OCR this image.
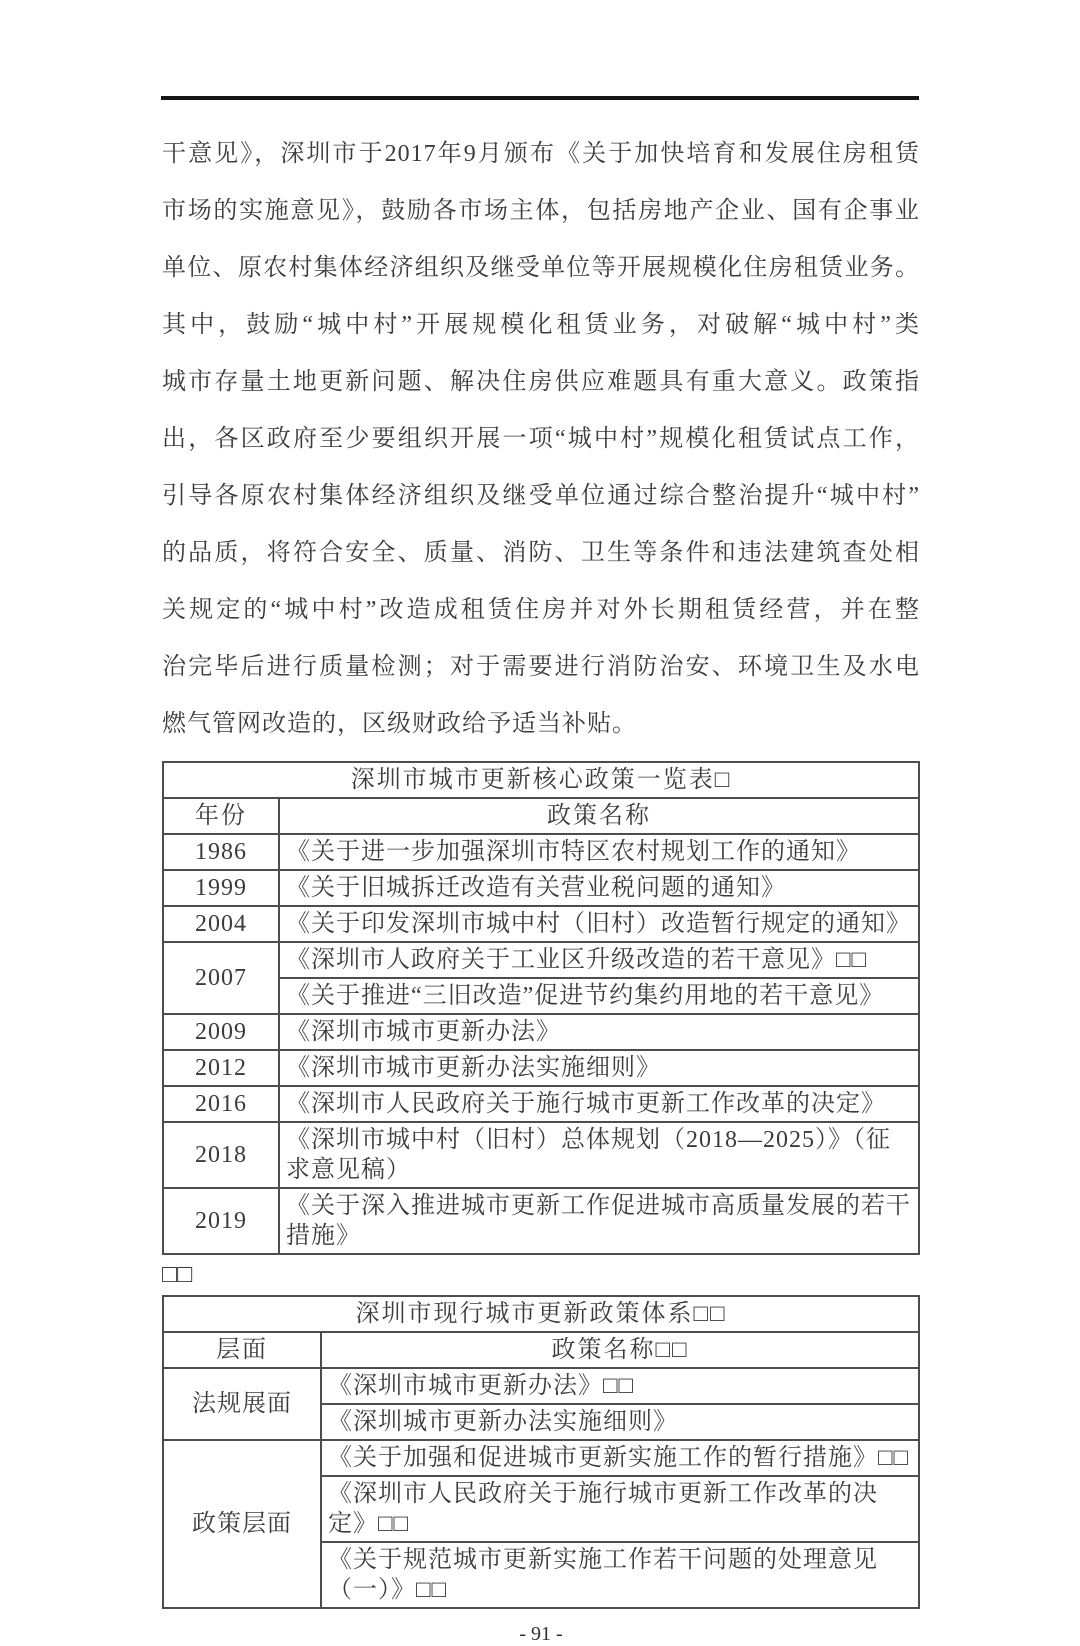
干意见》，深圳市于2017年9月颁布《关于加快培育和发展住房租赁
市场的实施意见》，鼓励各市场主体，包括房地产企业、国有企事业
单位、原农村集体经济组织及继受单位等开展规模化住房租赁业务。
其中，鼓励“城中村”开展规模化租赁业务，对破解“城中村”类
城市存量土地更新问题、解决住房供应难题具有重大意义。政策指
出，各区政府至少要组织开展一项“城中村”规模化租赁试点工作，
引导各原农村集体经济组织及继受单位通过综合整治提升“城中村”
的品质，将符合安全、质量、消防、卫生等条件和违法建筑查处相
关规定的“城中村”改造成租赁住房并对外长期租赁经营，并在整
治完毕后进行质量检测；对于需要进行消防治安、环境卫生及水电
燃气管网改造的，区级财政给予适当补贴。
深圳市城市更新核心政策一览表□	
年份	政策名称
1986	《关于进一步加强深圳市特区农村规划工作的通知》
1999	《关于旧城拆迁改造有关营业税问题的通知》
2004	《关于印发深圳市城中村（旧村）改造暂行规定的通知》
2007	《深圳市人政府关于工业区升级改造的若干意见》□□
	《关于推进“三旧改造”促进节约集约用地的若干意见》
2009	《深圳市城市更新办法》
2012	《深圳市城市更新办法实施细则》
2016	《深圳市人民政府关于施行城市更新工作改革的决定》
2018	《深圳市城中村（旧村）总体规划（2018—2025）》（征求意见稿）
2019	《关于深入推进城市更新工作促进城市高质量发展的若干措施》
□□
深圳市现行城市更新政策体系□□	
层面	政策名称□□
法规展面	《深圳市城市更新办法》□□
	《深圳城市更新办法实施细则》
政策层面	《关于加强和促进城市更新实施工作的暂行措施》□□
	《深圳市人民政府关于施行城市更新工作改革的决定》□□
	《关于规范城市更新实施工作若干问题的处理意见（一）》□□
- 91 -
